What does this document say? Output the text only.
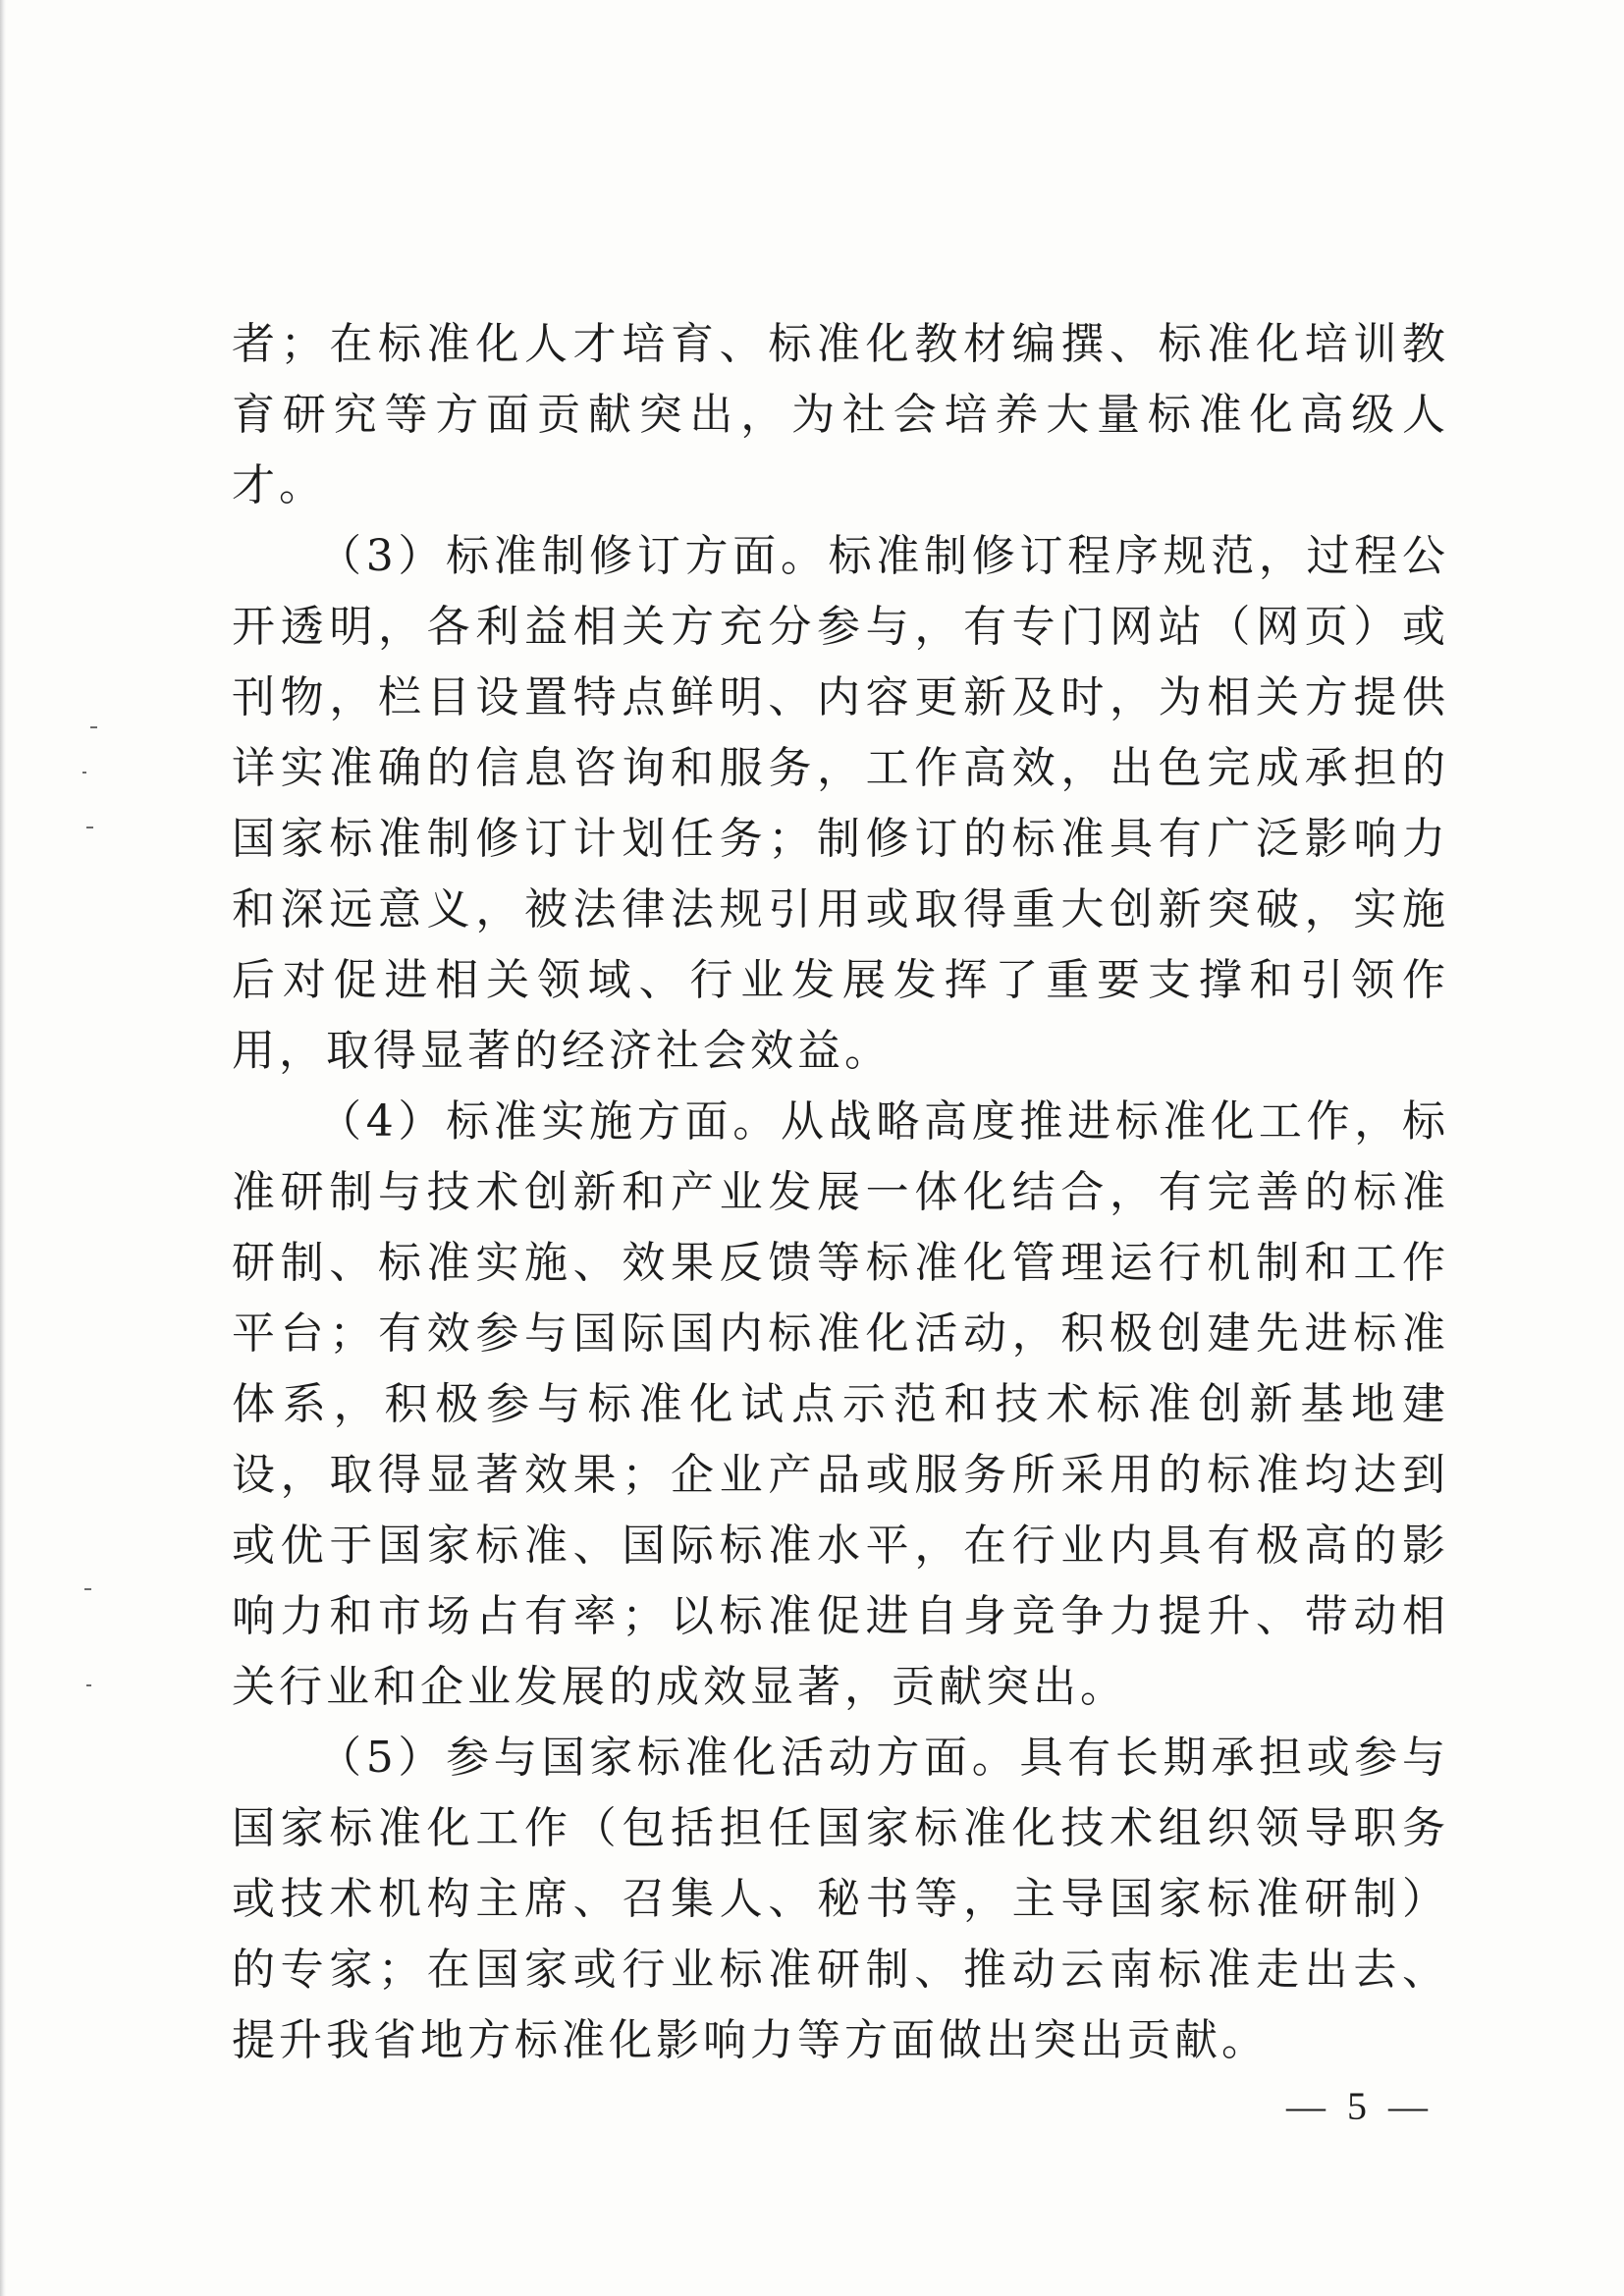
者；在标准化人才培育、标准化教材编撰、标准化培训教育研究等方面贡献突出，为社会培养大量标准化高级人才。

（3）标准制修订方面。标准制修订程序规范，过程公开透明，各利益相关方充分参与，有专门网站（网页）或刊物，栏目设置特点鲜明、内容更新及时，为相关方提供详实准确的信息咨询和服务，工作高效，出色完成承担的国家标准制修订计划任务；制修订的标准具有广泛影响力和深远意义，被法律法规引用或取得重大创新突破，实施后对促进相关领域、行业发展发挥了重要支撑和引领作用，取得显著的经济社会效益。

（4）标准实施方面。从战略高度推进标准化工作，标准研制与技术创新和产业发展一体化结合，有完善的标准研制、标准实施、效果反馈等标准化管理运行机制和工作平台；有效参与国际国内标准化活动，积极创建先进标准体系，积极参与标准化试点示范和技术标准创新基地建设，取得显著效果；企业产品或服务所采用的标准均达到或优于国家标准、国际标准水平，在行业内具有极高的影响力和市场占有率；以标准促进自身竞争力提升、带动相关行业和企业发展的成效显著，贡献突出。

（5）参与国家标准化活动方面。具有长期承担或参与国家标准化工作（包括担任国家标准化技术组织领导职务或技术机构主席、召集人、秘书等，主导国家标准研制）的专家；在国家或行业标准研制、推动云南标准走出去、提升我省地方标准化影响力等方面做出突出贡献。

— 5 —
